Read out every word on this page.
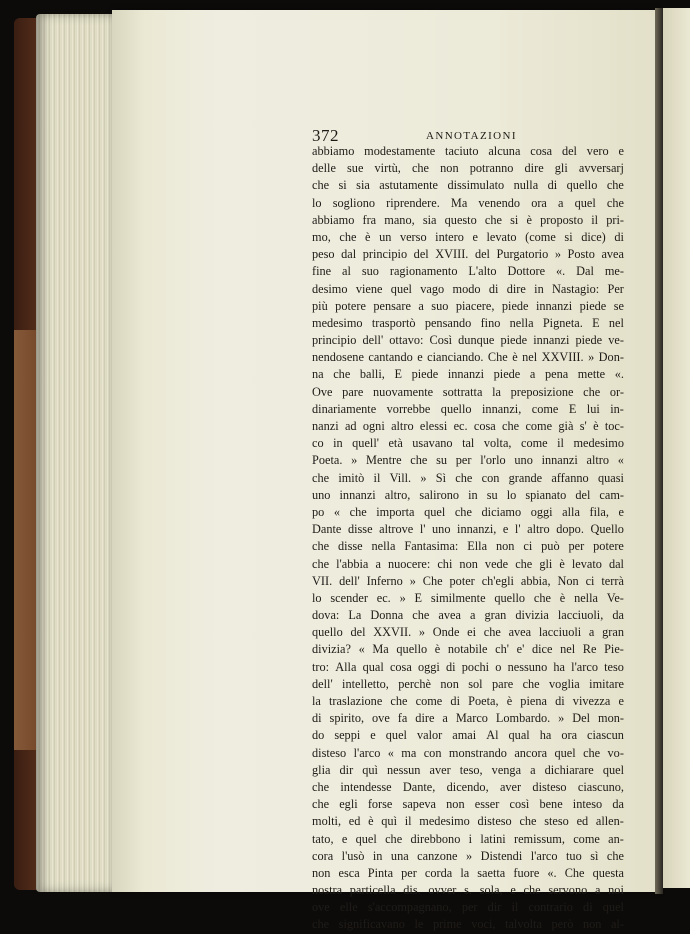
372	ANNOTAZIONI
abbiamo modestamente taciuto alcuna cosa del vero e
delle sue virtù, che non potranno dire gli avversarj
che si sia astutamente dissimulato nulla di quello che
lo sogliono riprendere. Ma venendo ora a quel che
abbiamo fra mano, sia questo che si è proposto il pri-
mo, che è un verso intero e levato (come si dice) di
peso dal principio del XVIII. del Purgatorio » Posto avea
fine al suo ragionamento L'alto Dottore «. Dal me-
desimo viene quel vago modo di dire in Nastagio: Per
più potere pensare a suo piacere, piede innanzi piede se
medesimo trasportò pensando fino nella Pigneta. E nel
principio dell' ottavo: Così dunque piede innanzi piede ve-
nendosene cantando e cianciando. Che è nel XXVIII. » Don-
na che balli, E piede innanzi piede a pena mette «.
Ove pare nuovamente sottratta la preposizione che or-
dinariamente vorrebbe quello innanzi, come E lui in-
nanzi ad ogni altro elessi ec. cosa che come già s' è toc-
co in quell' età usavano tal volta, come il medesimo
Poeta. » Mentre che su per l'orlo uno innanzi altro «
che imitò il Vill. » Sì che con grande affanno quasi
uno innanzi altro, salirono in su lo spianato del cam-
po « che importa quel che diciamo oggi alla fila, e
Dante disse altrove l' uno innanzi, e l' altro dopo. Quello
che disse nella Fantasima: Ella non ci può per potere
che l'abbia a nuocere: chi non vede che gli è levato dal
VII. dell' Inferno » Che poter ch'egli abbia, Non ci terrà
lo scender ec. » E similmente quello che è nella Ve-
dova: La Donna che avea a gran divizia lacciuoli, da
quello del XXVII. » Onde ei che avea lacciuoli a gran
divizia? « Ma quello è notabile ch' e' dice nel Re Pie-
tro: Alla qual cosa oggi di pochi o nessuno ha l'arco teso
dell' intelletto, perchè non sol pare che voglia imitare
la traslazione che come di Poeta, è piena di vivezza e
di spirito, ove fa dire a Marco Lombardo. » Del mon-
do seppi e quel valor amai Al qual ha ora ciascun
disteso l'arco « ma con monstrando ancora quel che vo-
glia dir quì nessun aver teso, venga a dichiarare quel
che intendesse Dante, dicendo, aver disteso ciascuno,
che egli forse sapeva non esser così bene inteso da
molti, ed è quì il medesimo disteso che steso ed allen-
tato, e quel che direbbono i latini remissum, come an-
cora l'usò in una canzone » Distendi l'arco tuo sì che
non esca Pinta per corda la saetta fuore «. Che questa
nostra particella dis. ovver s. sola, e che servono a noi
ove elle s'accompagnano, per dir il contrario di quel
che significavano le prime voci, talvolta però non al-
